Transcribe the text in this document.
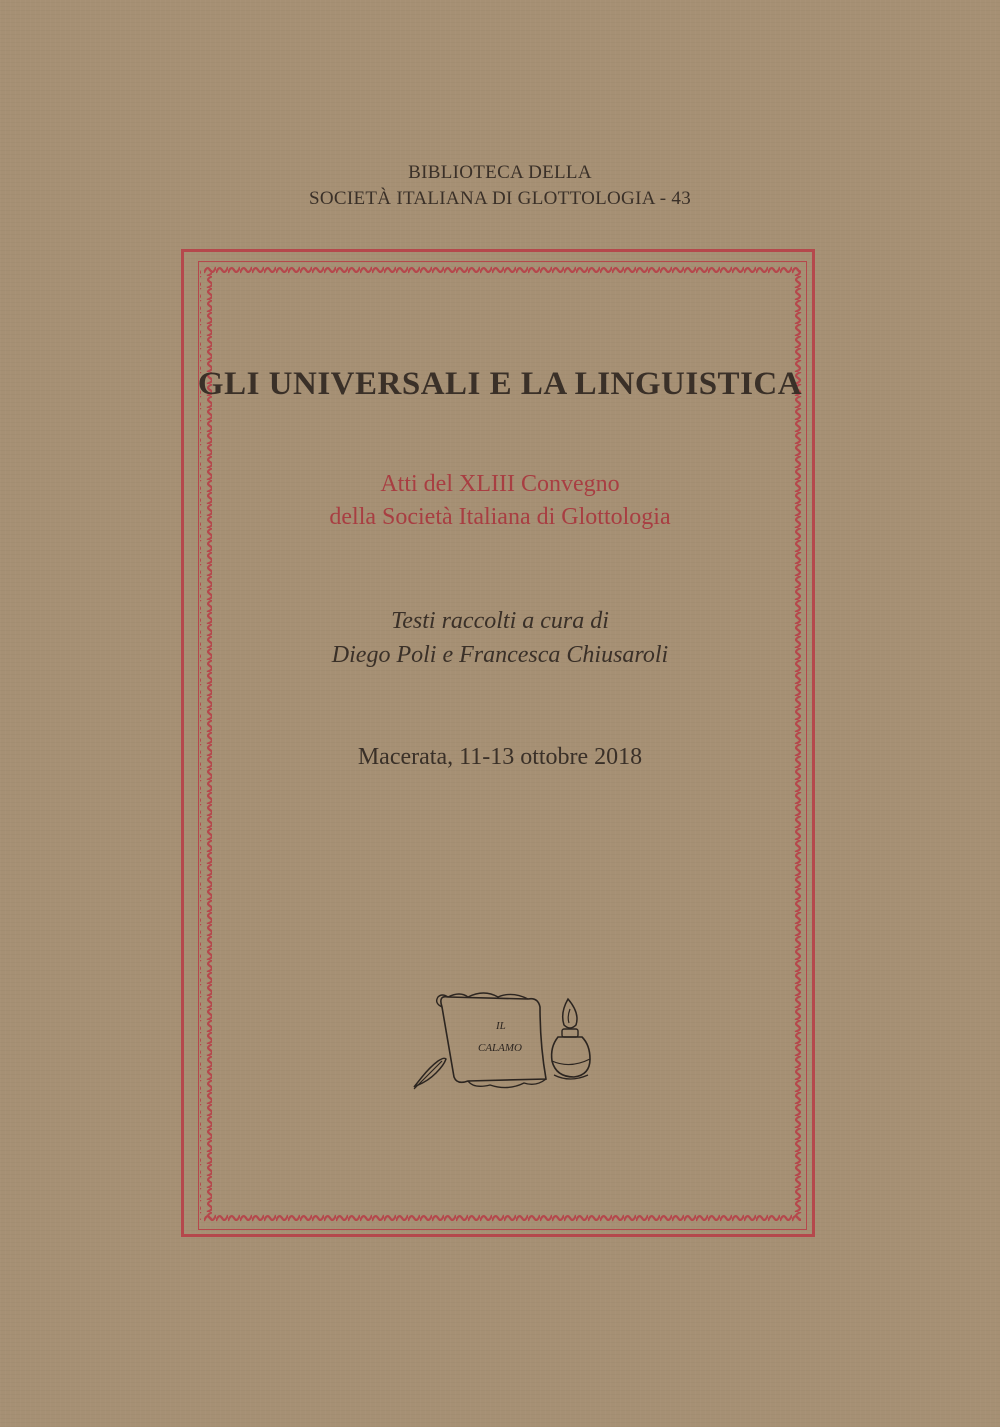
BIBLIOTECA DELLA
SOCIETÀ ITALIANA DI GLOTTOLOGIA - 43
GLI UNIVERSALI E LA LINGUISTICA
Atti del XLIII Convegno
della Società Italiana di Glottologia
Testi raccolti a cura di
Diego Poli e Francesca Chiusaroli
Macerata, 11-13 ottobre 2018
IL
CALAMO
